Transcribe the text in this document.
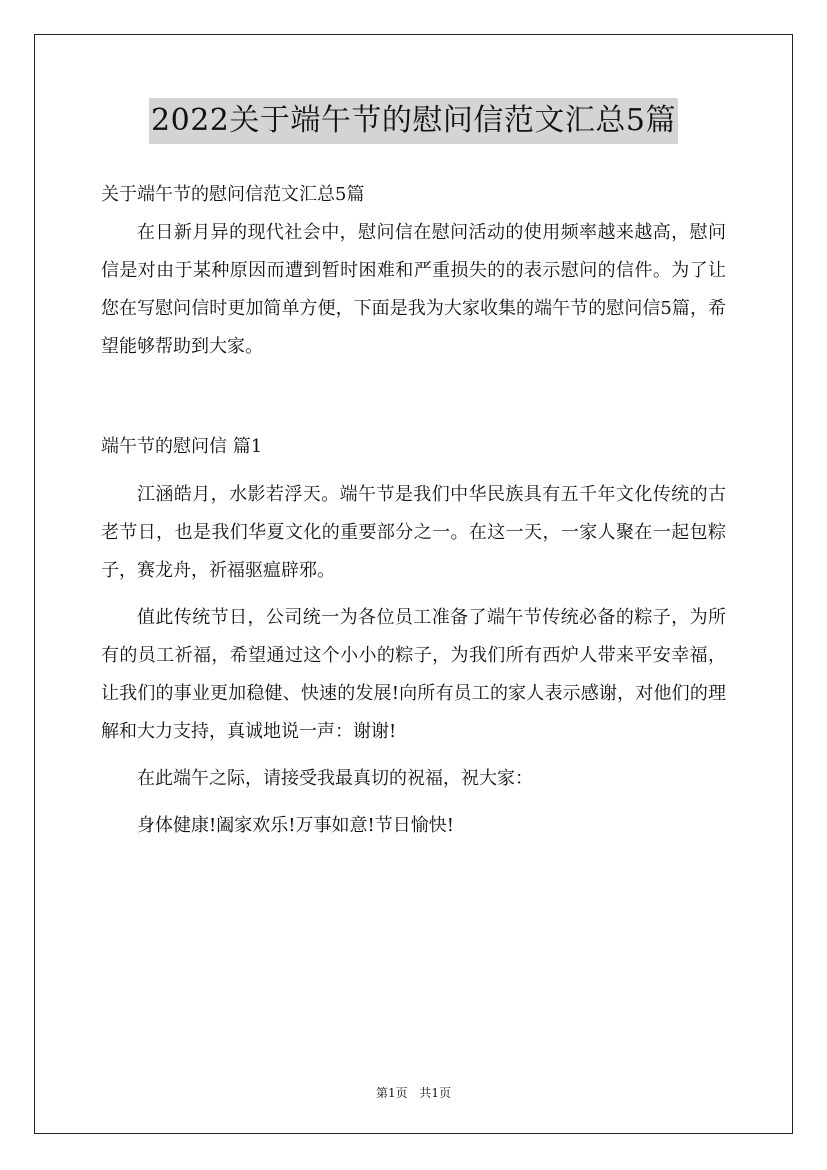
2022关于端午节的慰问信范文汇总5篇

关于端午节的慰问信范文汇总5篇

在日新月异的现代社会中，慰问信在慰问活动的使用频率越来越高，慰问信是对由于某种原因而遭到暂时困难和严重损失的的表示慰问的信件。为了让您在写慰问信时更加简单方便，下面是我为大家收集的端午节的慰问信5篇，希望能够帮助到大家。

端午节的慰问信 篇1

江涵皓月，水影若浮天。端午节是我们中华民族具有五千年文化传统的古老节日，也是我们华夏文化的重要部分之一。在这一天，一家人聚在一起包粽子，赛龙舟，祈福驱瘟辟邪。

值此传统节日，公司统一为各位员工准备了端午节传统必备的粽子，为所有的员工祈福，希望通过这个小小的粽子，为我们所有西炉人带来平安幸福，让我们的事业更加稳健、快速的发展!向所有员工的家人表示感谢，对他们的理解和大力支持，真诚地说一声：谢谢!

在此端午之际，请接受我最真切的祝福，祝大家：

身体健康!阖家欢乐!万事如意!节日愉快!

第1页 共1页
